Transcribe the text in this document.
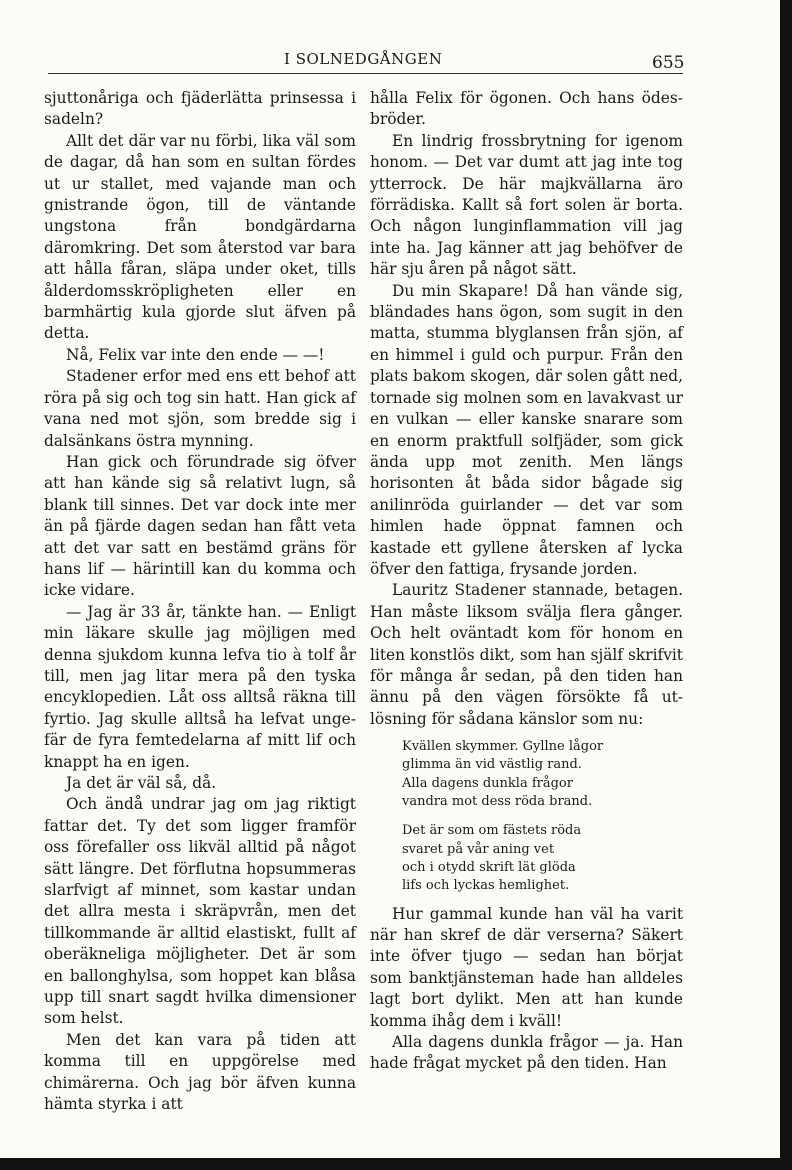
I SOLNEDGÅNGEN	655

sjuttonåriga och fjäderlätta prinsessa i sadeln?

Allt det där var nu förbi, lika väl som de dagar, då han som en sultan fördes ut ur stallet, med vajande man och gnistrande ögon, till de väntande ungstona från bondgärdarna däromkring. Det som återstod var bara att hålla fåran, släpa under oket, tills ålderdomsskröpligheten eller en barmhärtig kula gjorde slut äfven på detta.

Nå, Felix var inte den ende — —!

Stadener erfor med ens ett behof att röra på sig och tog sin hatt. Han gick af vana ned mot sjön, som bredde sig i dalsänkans östra mynning.

Han gick och förundrade sig öfver att han kände sig så relativt lugn, så blank till sinnes. Det var dock inte mer än på fjärde dagen sedan han fått veta att det var satt en bestämd gräns för hans lif — härintill kan du komma och icke vidare.

— Jag är 33 år, tänkte han. — Enligt min läkare skulle jag möjligen med denna sjukdom kunna lefva tio à tolf år till, men jag litar mera på den tyska encyklopedien. Låt oss alltså räkna till fyrtio. Jag skulle alltså ha lefvat ungefär de fyra femtedelarna af mitt lif och knappt ha en igen.

Ja det är väl så, då.

Och ändå undrar jag om jag riktigt fattar det. Ty det som ligger framför oss förefaller oss likväl alltid på något sätt längre. Det förflutna hopsummeras slarfvigt af minnet, som kastar undan det allra mesta i skräpvrån, men det tillkommande är alltid elastiskt, fullt af oberäkneliga möjligheter. Det är som en ballonghylsa, som hoppet kan blåsa upp till snart sagdt hvilka dimensioner som helst.

Men det kan vara på tiden att komma till en uppgörelse med chimärerna. Och jag bör äfven kunna hämta styrka i att

hålla Felix för ögonen. Och hans ödesbröder.

En lindrig frossbrytning for igenom honom. — Det var dumt att jag inte tog ytterrock. De här majkvällarna äro förrädiska. Kallt så fort solen är borta. Och någon lunginflammation vill jag inte ha. Jag känner att jag behöfver de här sju åren på något sätt.

Du min Skapare! Då han vände sig, bländades hans ögon, som sugit in den matta, stumma blyglansen från sjön, af en himmel i guld och purpur. Från den plats bakom skogen, där solen gått ned, tornade sig molnen som en lavakvast ur en vulkan — eller kanske snarare som en enorm praktfull solfjäder, som gick ända upp mot zenith. Men längs horisonten åt båda sidor bågade sig anilinröda guirlander — det var som himlen hade öppnat famnen och kastade ett gyllene återsken af lycka öfver den fattiga, frysande jorden.

Lauritz Stadener stannade, betagen. Han måste liksom svälja flera gånger. Och helt oväntadt kom för honom en liten konstlös dikt, som han själf skrifvit för många år sedan, på den tiden han ännu på den vägen försökte få utlösning för sådana känslor som nu:

Kvällen skymmer. Gyllne lågor
glimma än vid västlig rand.
Alla dagens dunkla frågor
vandra mot dess röda brand.
Det är som om fästets röda
svaret på vår aning vet
och i otydd skrift lät glöda
lifs och lyckas hemlighet.

Hur gammal kunde han väl ha varit när han skref de där verserna? Säkert inte öfver tjugo — sedan han börjat som banktjänsteman hade han alldeles lagt bort dylikt. Men att han kunde komma ihåg dem i kväll!

Alla dagens dunkla frågor — ja. Han hade frågat mycket på den tiden. Han
